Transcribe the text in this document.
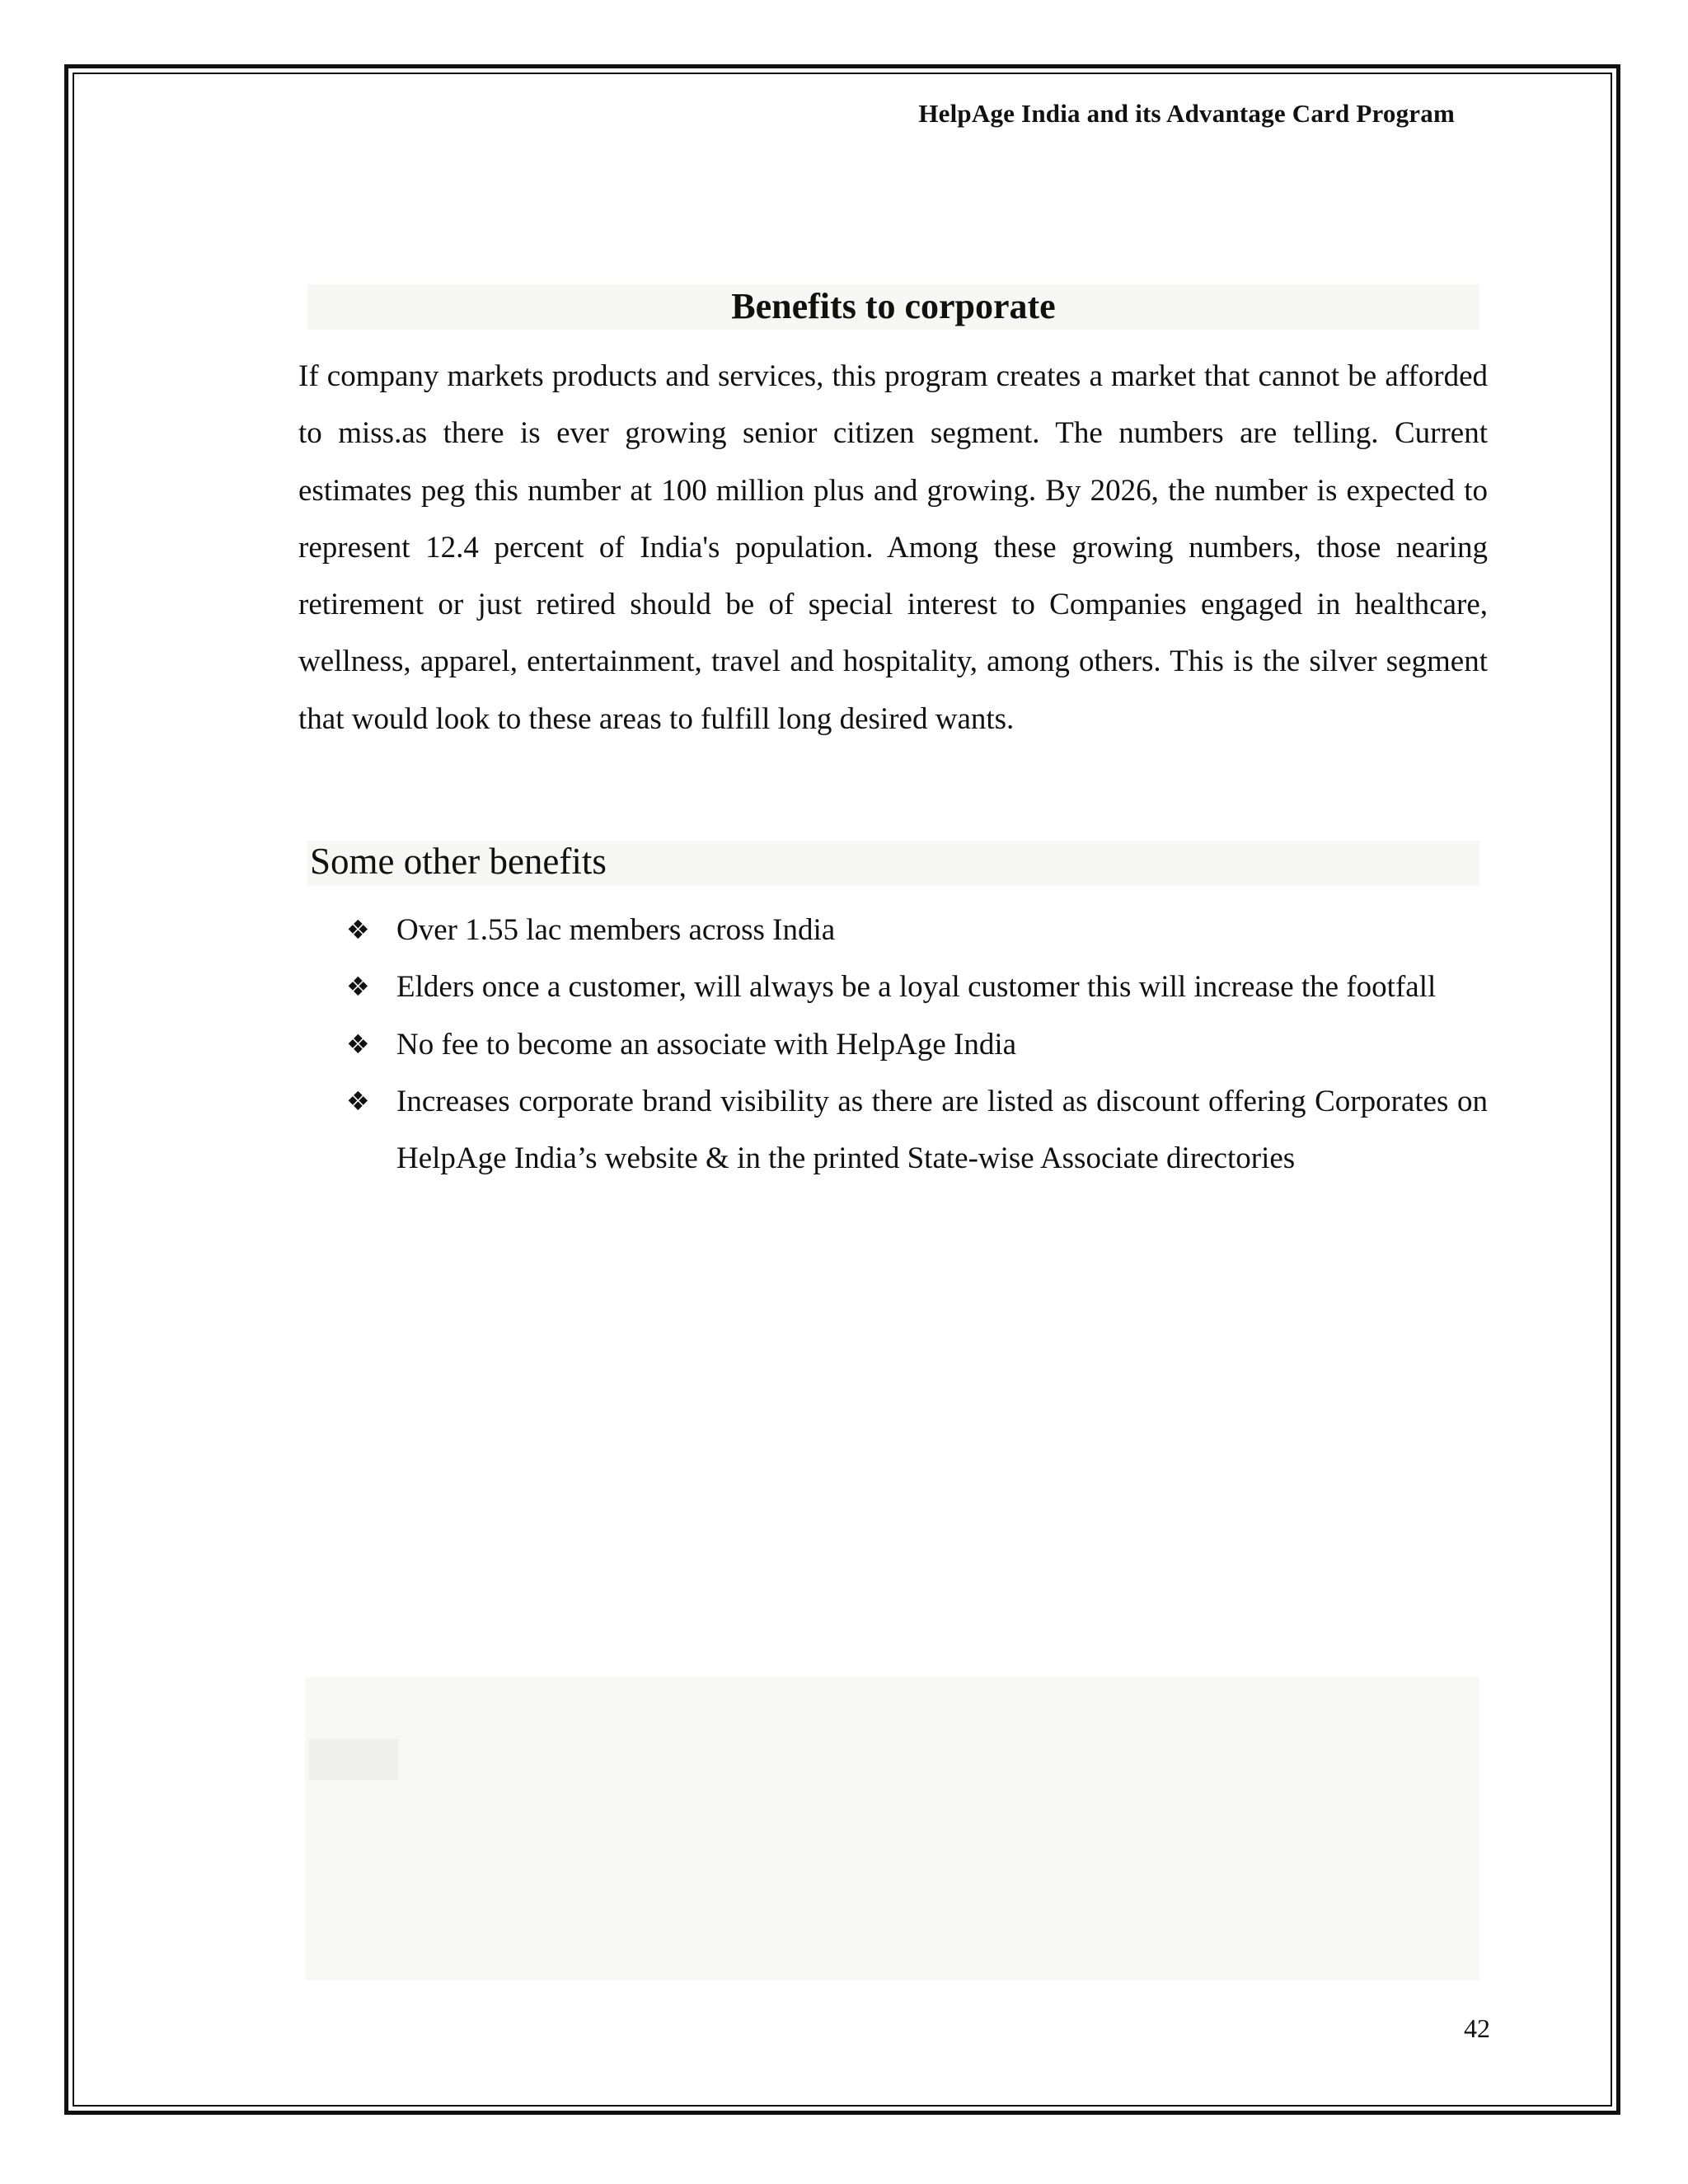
HelpAge India and its Advantage Card Program
Benefits to corporate

If company markets products and services, this program creates a market that cannot be afforded to miss.as there is ever growing senior citizen segment. The numbers are telling. Current estimates peg this number at 100 million plus and growing. By 2026, the number is expected to represent 12.4 percent of India's population. Among these growing numbers, those nearing retirement or just retired should be of special interest to Companies engaged in healthcare, wellness, apparel, entertainment, travel and hospitality, among others. This is the silver segment that would look to these areas to fulfill long desired wants.

Some other benefits
❖ Over 1.55 lac members across India
❖ Elders once a customer, will always be a loyal customer this will increase the footfall
❖ No fee to become an associate with HelpAge India
❖ Increases corporate brand visibility as there are listed as discount offering Corporates on HelpAge India’s website & in the printed State-wise Associate directories
42
